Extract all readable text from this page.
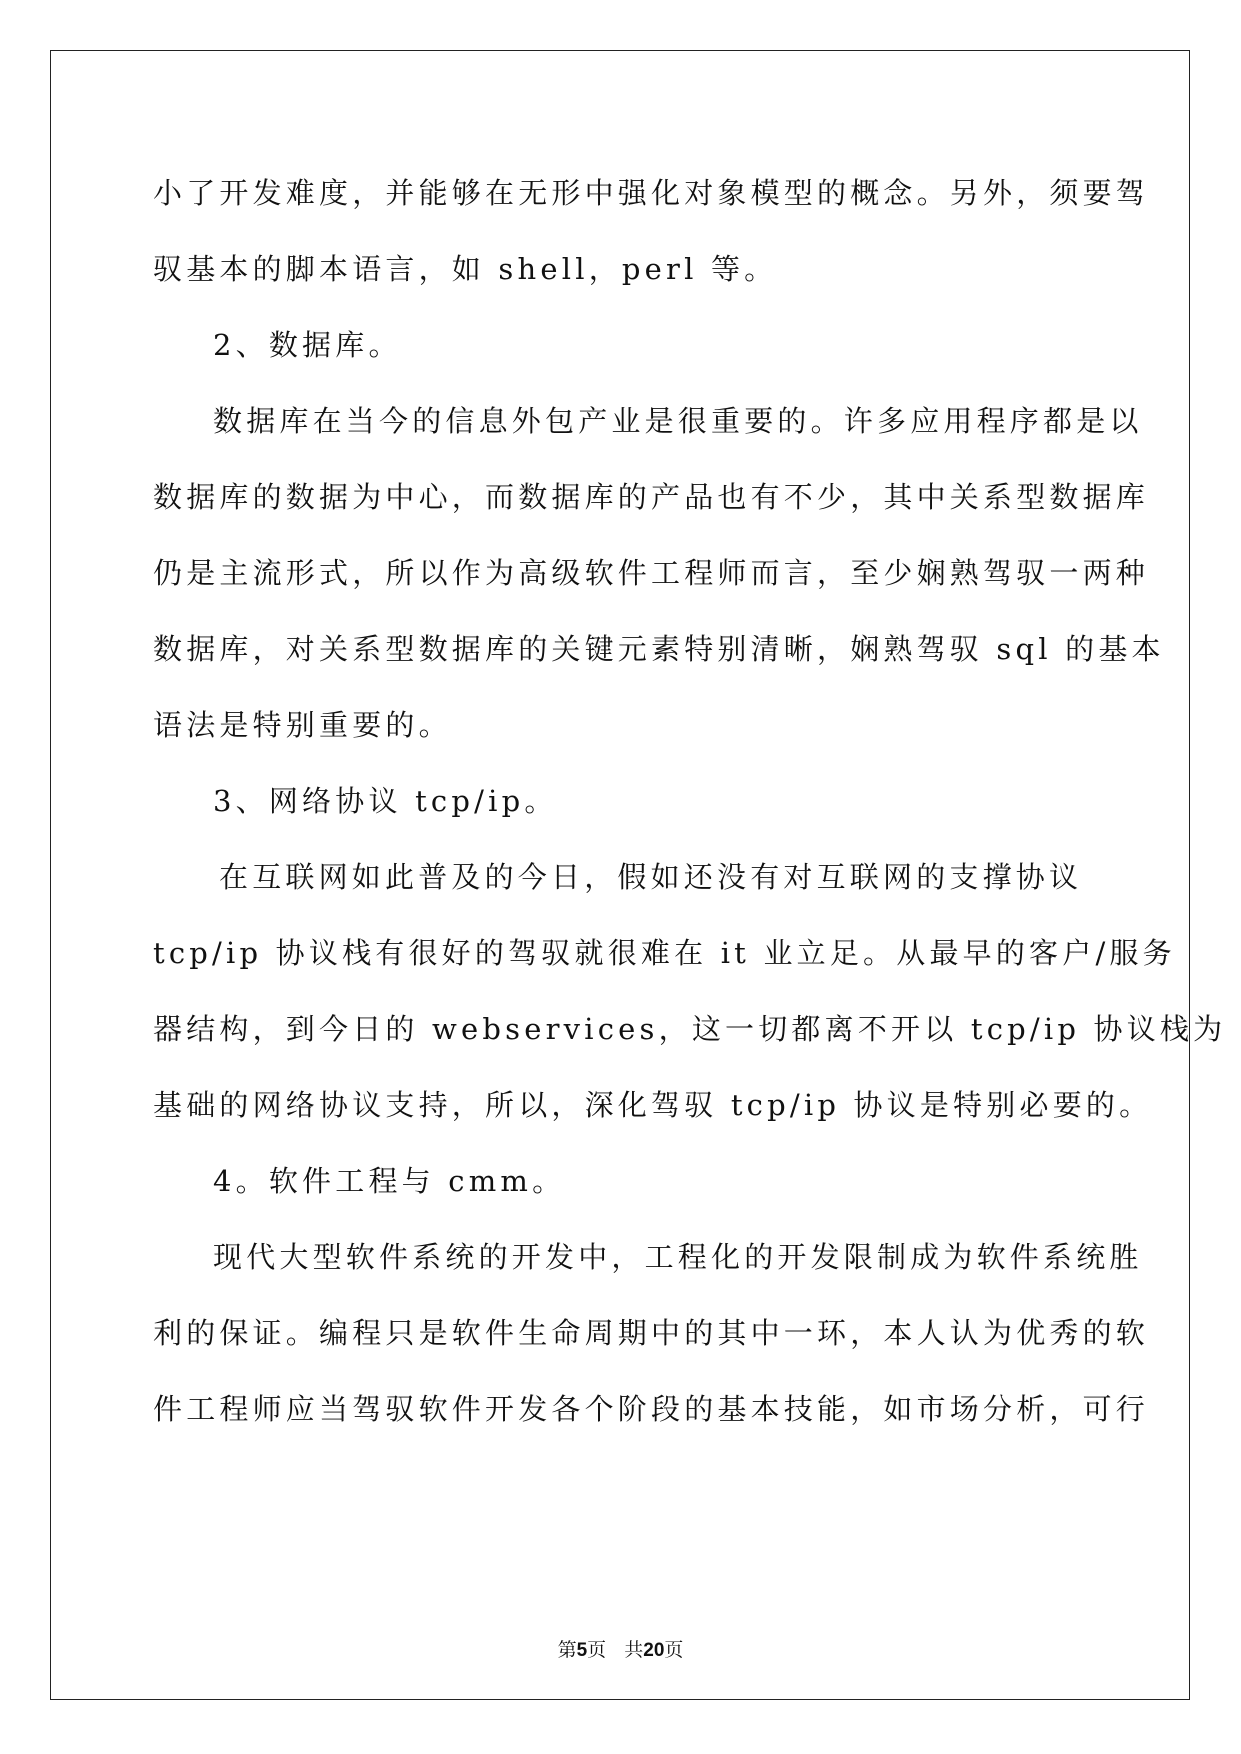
小了开发难度，并能够在无形中强化对象模型的概念。另外，须要驾
驭基本的脚本语言，如 shell，perl 等。
2、数据库。
数据库在当今的信息外包产业是很重要的。许多应用程序都是以
数据库的数据为中心，而数据库的产品也有不少，其中关系型数据库
仍是主流形式，所以作为高级软件工程师而言，至少娴熟驾驭一两种
数据库，对关系型数据库的关键元素特别清晰，娴熟驾驭 sql 的基本
语法是特别重要的。
3、网络协议 tcp/ip。
在互联网如此普及的今日，假如还没有对互联网的支撑协议
tcp/ip 协议栈有很好的驾驭就很难在 it 业立足。从最早的客户/服务
器结构，到今日的 webservices，这一切都离不开以 tcp/ip 协议栈为
基础的网络协议支持，所以，深化驾驭 tcp/ip 协议是特别必要的。
4。软件工程与 cmm。
现代大型软件系统的开发中，工程化的开发限制成为软件系统胜
利的保证。编程只是软件生命周期中的其中一环，本人认为优秀的软
件工程师应当驾驭软件开发各个阶段的基本技能，如市场分析，可行
第5页   共20页
